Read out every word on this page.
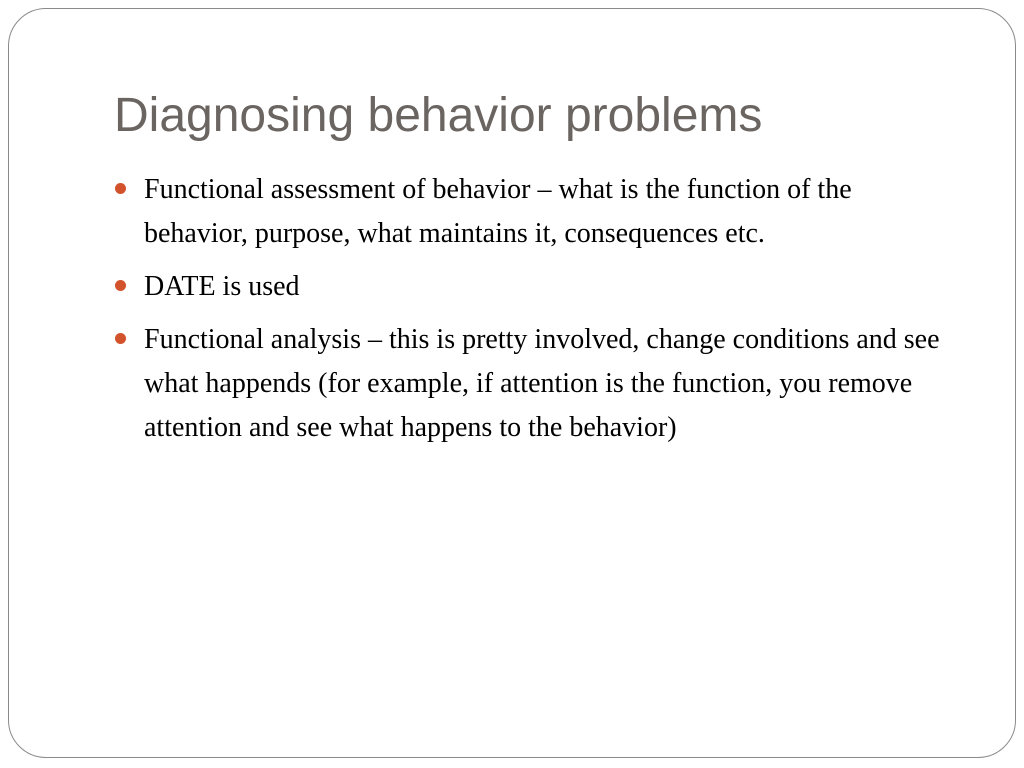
Diagnosing behavior problems
Functional assessment of behavior – what is the function of the behavior, purpose, what maintains it, consequences etc.
DATE is used
Functional analysis – this is pretty involved, change conditions and see what happends (for example, if attention is the function, you remove attention and see what happens to the behavior)
